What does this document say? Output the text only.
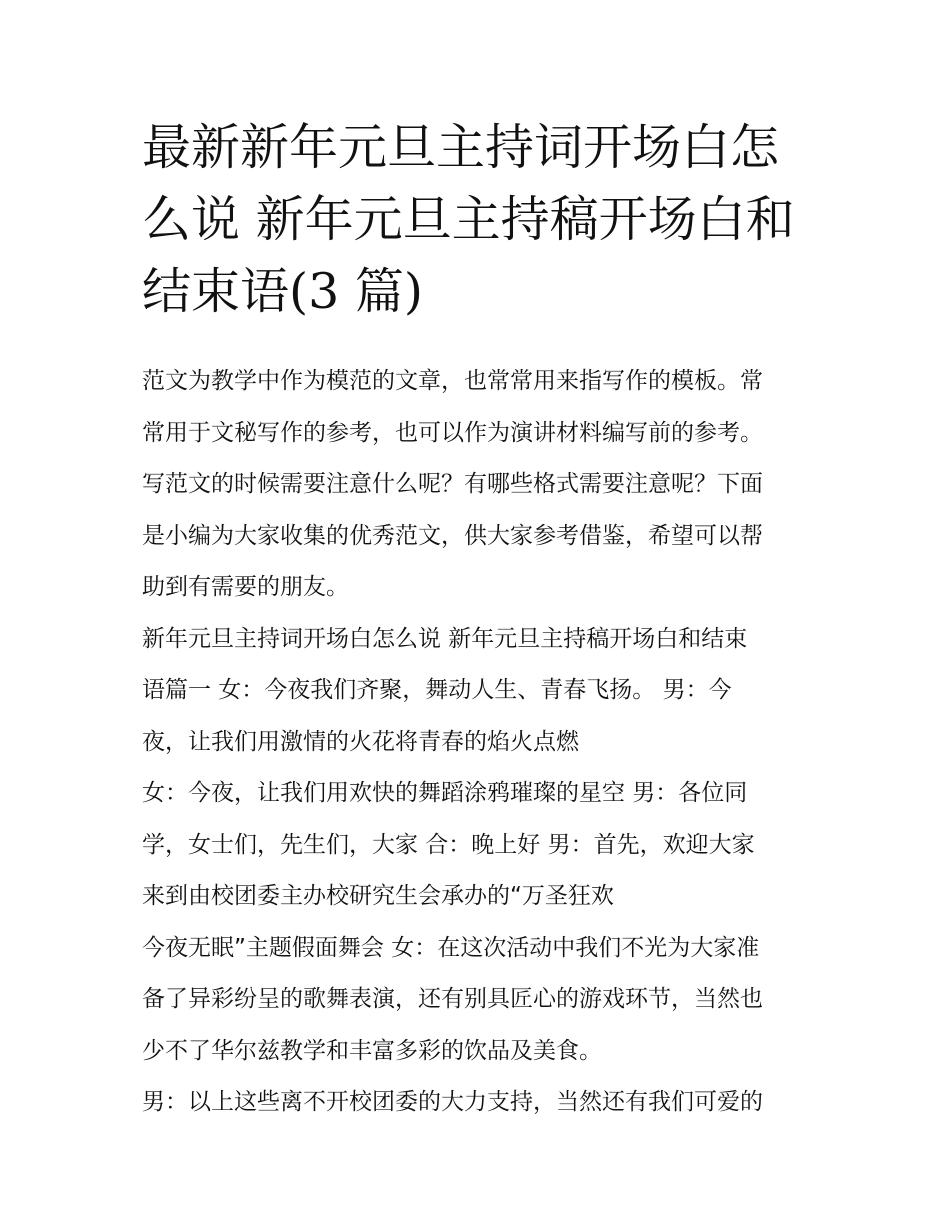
最新新年元旦主持词开场白怎
么说 新年元旦主持稿开场白和
结束语(3 篇)
范文为教学中作为模范的文章，也常常用来指写作的模板。常
常用于文秘写作的参考，也可以作为演讲材料编写前的参考。
写范文的时候需要注意什么呢？有哪些格式需要注意呢？下面
是小编为大家收集的优秀范文，供大家参考借鉴，希望可以帮
助到有需要的朋友。
新年元旦主持词开场白怎么说 新年元旦主持稿开场白和结束
语篇一 女：今夜我们齐聚，舞动人生、青春飞扬。 男：今
夜，让我们用激情的火花将青春的焰火点燃
女：今夜，让我们用欢快的舞蹈涂鸦璀璨的星空 男：各位同
学，女士们，先生们，大家 合：晚上好 男：首先，欢迎大家
来到由校团委主办校研究生会承办的“万圣狂欢
今夜无眠”主题假面舞会 女：在这次活动中我们不光为大家准
备了异彩纷呈的歌舞表演，还有别具匠心的游戏环节，当然也
少不了华尔兹教学和丰富多彩的饮品及美食。
男：以上这些离不开校团委的大力支持，当然还有我们可爱的
